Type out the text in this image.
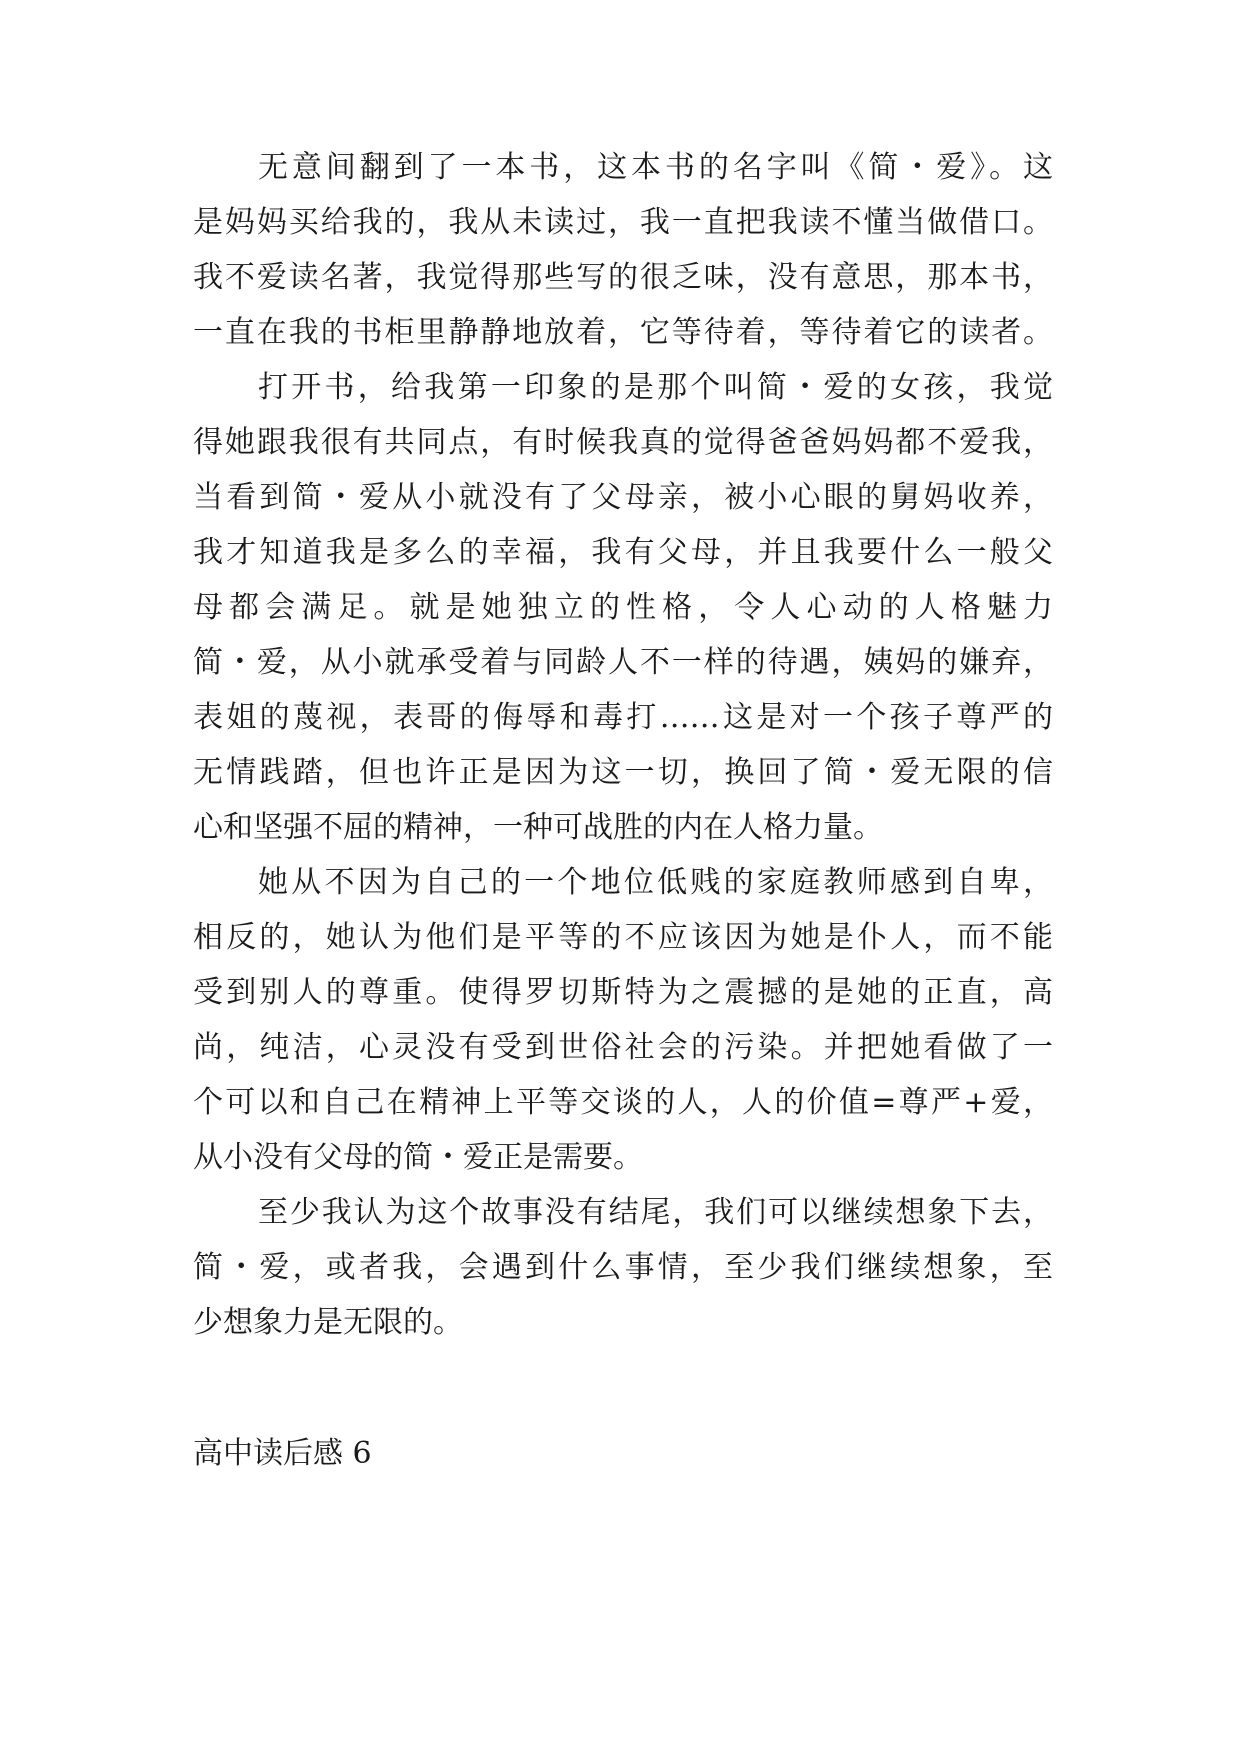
无意间翻到了一本书，这本书的名字叫《简・爱》。这
是妈妈买给我的，我从未读过，我一直把我读不懂当做借口。
我不爱读名著，我觉得那些写的很乏味，没有意思，那本书，
一直在我的书柜里静静地放着，它等待着，等待着它的读者。
打开书，给我第一印象的是那个叫简・爱的女孩，我觉
得她跟我很有共同点，有时候我真的觉得爸爸妈妈都不爱我，
当看到简・爱从小就没有了父母亲，被小心眼的舅妈收养，
我才知道我是多么的幸福，我有父母，并且我要什么一般父
母都会满足。就是她独立的性格，令人心动的人格魅力
简・爱，从小就承受着与同龄人不一样的待遇，姨妈的嫌弃，
表姐的蔑视，表哥的侮辱和毒打……这是对一个孩子尊严的
无情践踏，但也许正是因为这一切，换回了简・爱无限的信
心和坚强不屈的精神，一种可战胜的内在人格力量。
她从不因为自己的一个地位低贱的家庭教师感到自卑，
相反的，她认为他们是平等的不应该因为她是仆人，而不能
受到别人的尊重。使得罗切斯特为之震撼的是她的正直，高
尚，纯洁，心灵没有受到世俗社会的污染。并把她看做了一
个可以和自己在精神上平等交谈的人，人的价值=尊严+爱，
从小没有父母的简・爱正是需要。
至少我认为这个故事没有结尾，我们可以继续想象下去，
简・爱，或者我，会遇到什么事情，至少我们继续想象，至
少想象力是无限的。
高中读后感 6
